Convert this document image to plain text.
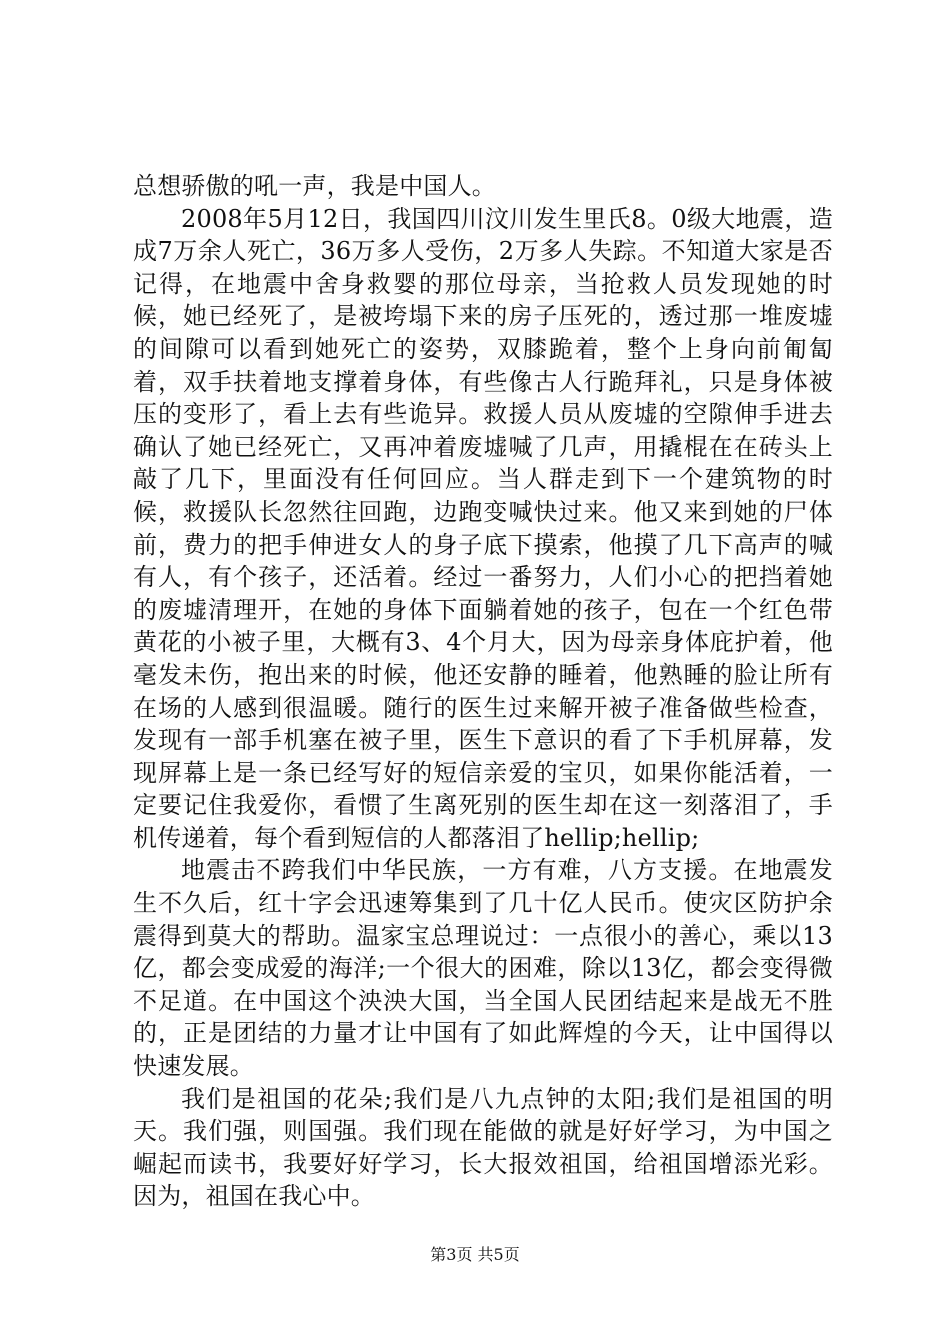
总想骄傲的吼一声，我是中国人。

2008年5月12日，我国四川汶川发生里氏8。0级大地震，造成7万余人死亡，36万多人受伤，2万多人失踪。不知道大家是否记得，在地震中舍身救婴的那位母亲，当抢救人员发现她的时候，她已经死了，是被垮塌下来的房子压死的，透过那一堆废墟的间隙可以看到她死亡的姿势，双膝跪着，整个上身向前匍匐着，双手扶着地支撑着身体，有些像古人行跪拜礼，只是身体被压的变形了，看上去有些诡异。救援人员从废墟的空隙伸手进去确认了她已经死亡，又再冲着废墟喊了几声，用撬棍在在砖头上敲了几下，里面没有任何回应。当人群走到下一个建筑物的时候，救援队长忽然往回跑，边跑变喊快过来。他又来到她的尸体前，费力的把手伸进女人的身子底下摸索，他摸了几下高声的喊有人，有个孩子，还活着。经过一番努力，人们小心的把挡着她的废墟清理开，在她的身体下面躺着她的孩子，包在一个红色带黄花的小被子里，大概有3、4个月大，因为母亲身体庇护着，他毫发未伤，抱出来的时候，他还安静的睡着，他熟睡的脸让所有在场的人感到很温暖。随行的医生过来解开被子准备做些检查，发现有一部手机塞在被子里，医生下意识的看了下手机屏幕，发现屏幕上是一条已经写好的短信亲爱的宝贝，如果你能活着，一定要记住我爱你，看惯了生离死别的医生却在这一刻落泪了，手机传递着，每个看到短信的人都落泪了hellip;hellip;

地震击不跨我们中华民族，一方有难，八方支援。在地震发生不久后，红十字会迅速筹集到了几十亿人民币。使灾区防护余震得到莫大的帮助。温家宝总理说过：一点很小的善心，乘以13亿，都会变成爱的海洋;一个很大的困难，除以13亿，都会变得微不足道。在中国这个泱泱大国，当全国人民团结起来是战无不胜的，正是团结的力量才让中国有了如此辉煌的今天，让中国得以快速发展。

我们是祖国的花朵;我们是八九点钟的太阳;我们是祖国的明天。我们强，则国强。我们现在能做的就是好好学习，为中国之崛起而读书，我要好好学习，长大报效祖国，给祖国增添光彩。因为，祖国在我心中。

第3页 共5页
